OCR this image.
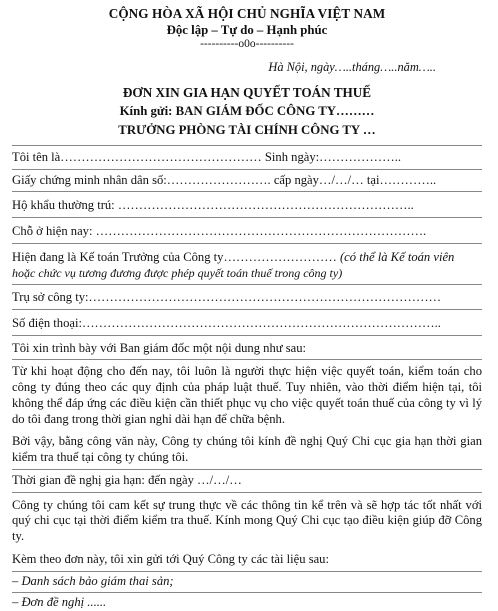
CỘNG HÒA XÃ HỘI CHỦ NGHĨA VIỆT NAM
Độc lập – Tự do – Hạnh phúc
----------o0o----------
Hà Nội, ngày…..tháng…..năm…..
ĐƠN XIN GIA HẠN QUYẾT TOÁN THUẾ
Kính gửi: BAN GIÁM ĐỐC CÔNG TY………
TRƯỞNG PHÒNG TÀI CHÍNH CÔNG TY …
Tôi tên là………………………………………… Sinh ngày:………………..
Giấy chứng minh nhân dân số:……………………. cấp ngày…/…/… tại…………..
Hộ khẩu thường trú: ……………………………………………………………..
Chỗ ở hiện nay: …………………………………………………………………….
Hiện đang là Kế toán Trưởng của Công ty……………………… (có thể là Kế toán viên
hoặc chức vụ tương đương được phép quyết toán thuế trong công ty)
Trụ sở công ty:…………………………………………………………………………
Số điện thoại:…………………………………………………………………………..
Tôi xin trình bày với Ban giám đốc một nội dung như sau:
Từ khi hoạt động cho đến nay, tôi luôn là người thực hiện việc quyết toán, kiểm toán cho công ty đúng theo các quy định của pháp luật thuế. Tuy nhiên, vào thời điểm hiện tại, tôi không thể đáp ứng các điều kiện cần thiết phục vụ cho việc quyết toán thuế của công ty vì lý do tôi đang trong thời gian nghỉ dài hạn để chữa bệnh.
Bởi vậy, bằng công văn này, Công ty chúng tôi kính đề nghị Quý Chi cục gia hạn thời gian kiểm tra thuế tại công ty chúng tôi.
Thời gian đề nghị gia hạn: đến ngày …/…/…
Công ty chúng tôi cam kết sự trung thực về các thông tin kể trên và sẽ hợp tác tốt nhất với quý chi cục tại thời điểm kiểm tra thuế. Kính mong Quý Chi cục tạo điều kiện giúp đỡ Công ty.
Kèm theo đơn này, tôi xin gửi tới Quý Công ty các tài liệu sau:
– Danh sách bảo giám thai sản;
– Đơn đề nghị ......
